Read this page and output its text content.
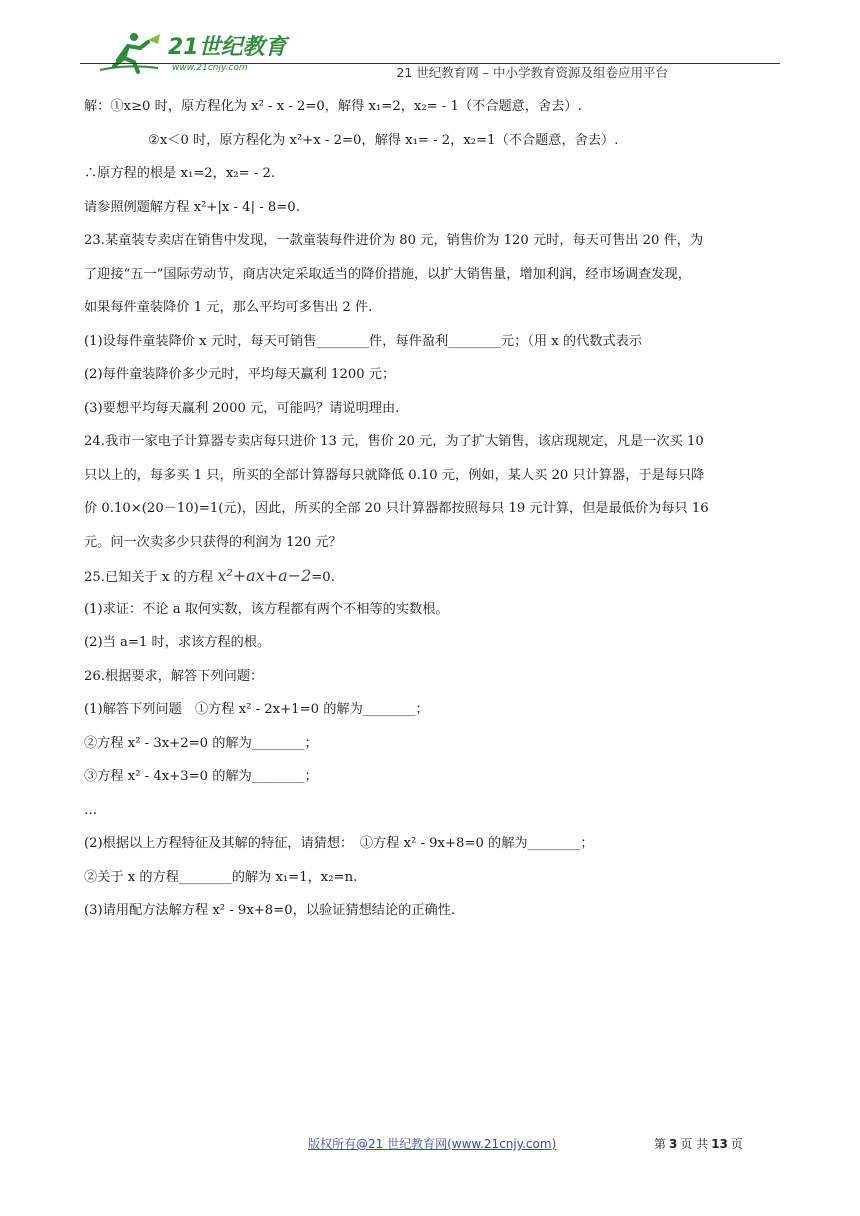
21世纪教育
www.21cnjy.com	21 世纪教育网 – 中小学教育资源及组卷应用平台
解：①x≥0 时，原方程化为 x² - x - 2=0，解得 x₁=2，x₂= - 1（不合题意，舍去）.
②x＜0 时，原方程化为 x²+x - 2=0，解得 x₁= - 2，x₂=1（不合题意，舍去）.
∴原方程的根是 x₁=2，x₂= - 2.
请参照例题解方程 x²+|x - 4| - 8=0.
23.某童装专卖店在销售中发现，一款童装每件进价为 80 元，销售价为 120 元时，每天可售出 20 件，为
了迎接“五一”国际劳动节，商店决定采取适当的降价措施，以扩大销售量，增加利润，经市场调查发现，
如果每件童装降价 1 元，那么平均可多售出 2 件.
(1)设每件童装降价 x 元时，每天可销售________件，每件盈利________元；（用 x 的代数式表示
(2)每件童装降价多少元时，平均每天赢利 1200 元；
(3)要想平均每天赢利 2000 元，可能吗？请说明理由.
24.我市一家电子计算器专卖店每只进价 13 元，售价 20 元，为了扩大销售，该店现规定，凡是一次买 10
只以上的，每多买 1 只，所买的全部计算器每只就降低 0.10 元，例如，某人买 20 只计算器，于是每只降
价 0.10×(20－10)=1(元)，因此，所买的全部 20 只计算器都按照每只 19 元计算，但是最低价为每只 16
元。问一次卖多少只获得的利润为 120 元？
25.已知关于 x 的方程 x²+ax+a−2=0.
(1)求证：不论 a 取何实数，该方程都有两个不相等的实数根。
(2)当 a=1 时，求该方程的根。
26.根据要求，解答下列问题：
(1)解答下列问题　①方程 x² - 2x+1=0 的解为________；
②方程 x² - 3x+2=0 的解为________；
③方程 x² - 4x+3=0 的解为________；
…
(2)根据以上方程特征及其解的特征，请猜想：　①方程 x² - 9x+8=0 的解为________；
②关于 x 的方程________的解为 x₁=1，x₂=n.
(3)请用配方法解方程 x² - 9x+8=0，以验证猜想结论的正确性.
版权所有@21 世纪教育网(www.21cnjy.com)	第 3 页 共 13 页
